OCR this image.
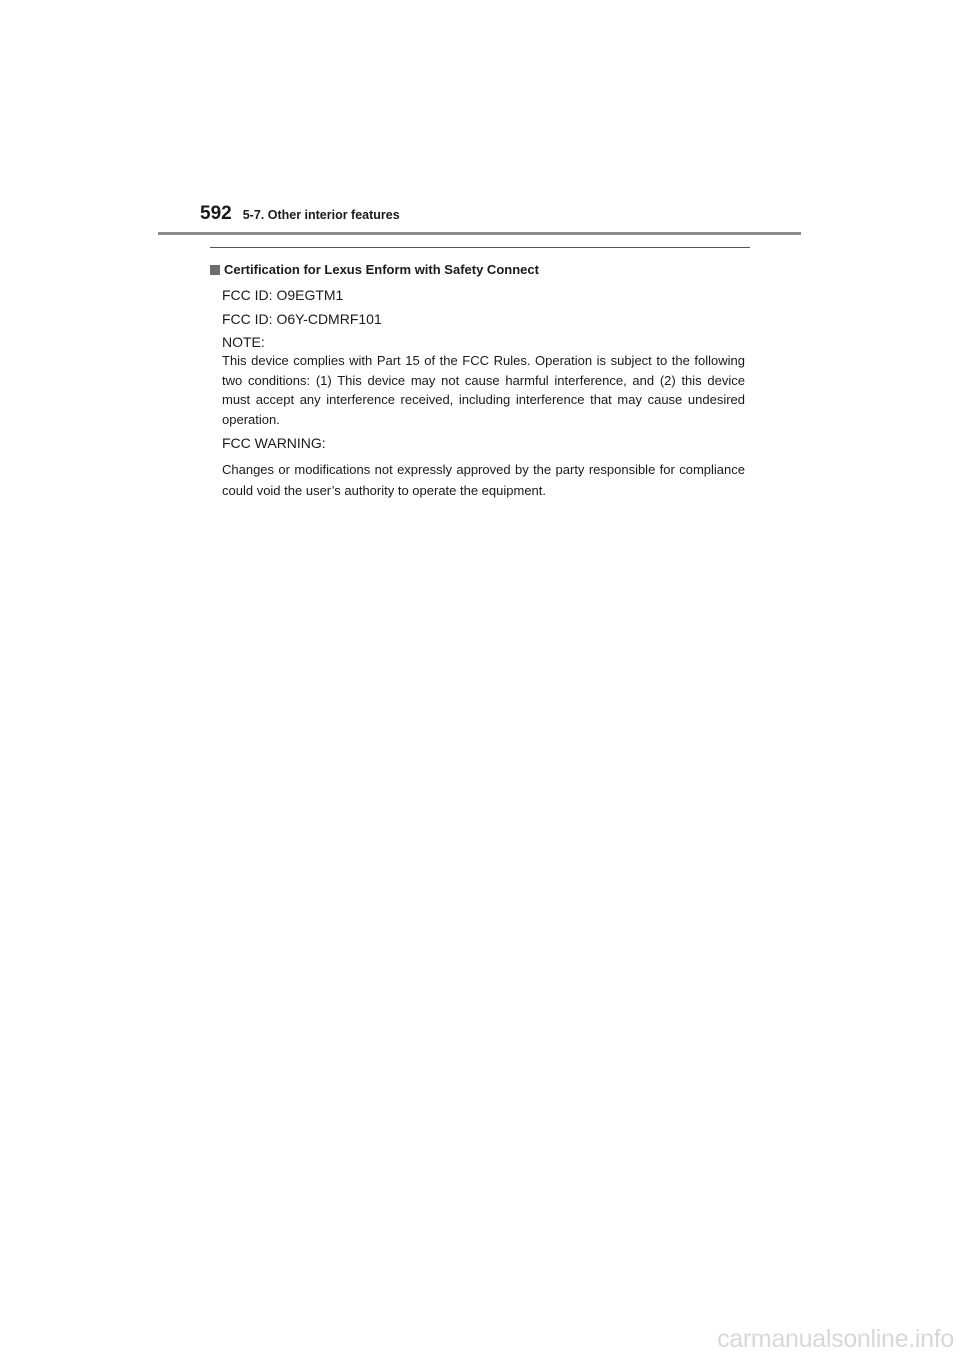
592 5-7. Other interior features
Certification for Lexus Enform with Safety Connect
FCC ID: O9EGTM1
FCC ID: O6Y-CDMRF101
NOTE:

This device complies with Part 15 of the FCC Rules. Operation is subject to the following two conditions: (1) This device may not cause harmful interference, and (2) this device must accept any interference received, including interference that may cause undesired operation.

FCC WARNING:

Changes or modifications not expressly approved by the party responsible for compliance could void the user’s authority to operate the equipment.

carmanualsonline.info
